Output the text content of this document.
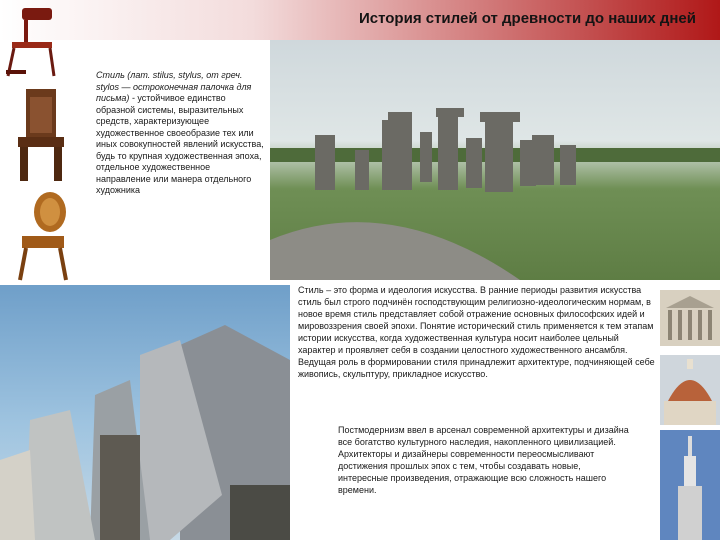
История стилей от древности до наших дней
Стиль (лат. stilus, stylus, от греч. stylos — остроконечная палочка для письма) - устойчивое единство образной системы, выразительных средств, характеризующее художественное своеобразие тех или иных совокупностей явлений искусства, будь то крупная художественная эпоха, отдельное художественное направление или манера отдельного художника
Стиль – это форма и идеология искусства. В ранние периоды развития искусства стиль был строго подчинён господствующим религиозно-идеологическим нормам, в новое время стиль представляет собой отражение основных философских идей и мировоззрения своей эпохи. Понятие исторический стиль применяется к тем этапам истории искусства, когда художественная культура носит наиболее цельный характер и проявляет себя в создании целостного художественного ансамбля. Ведущая роль в формировании стиля принадлежит архитектуре, подчиняющей себе живопись, скульптуру, прикладное искусство.
Постмодернизм ввел в арсенал современной архитектуры и дизайна все богатство культурного наследия, накопленного цивилизацией. Архитекторы и дизайнеры современности переосмысливают достижения прошлых эпох с тем, чтобы создавать новые, интересные произведения, отражающие всю сложность нашего времени.
